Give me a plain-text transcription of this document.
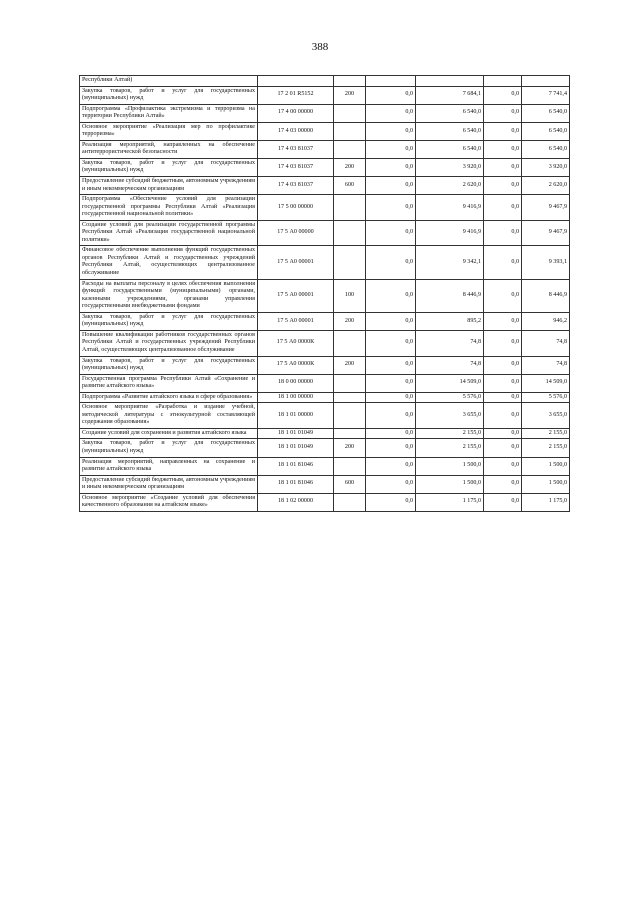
388
Республики Алтай)						
Закупка товаров, работ и услуг для государственных (муниципальных) нужд	17 2 01 R5152	200	0,0	7 684,1	0,0	7 741,4
Подпрограмма «Профилактика экстремизма и терроризма на территории Республики Алтай»	17 4 00 00000		0,0	6 540,0	0,0	6 540,0
Основное мероприятие «Реализация мер по профилактике терроризма»	17 4 03 00000		0,0	6 540,0	0,0	6 540,0
Реализация мероприятий, направленных на обеспечение антитеррористической безопасности	17 4 03 81037		0,0	6 540,0	0,0	6 540,0
Закупка товаров, работ и услуг для государственных (муниципальных) нужд	17 4 03 81037	200	0,0	3 920,0	0,0	3 920,0
Предоставление субсидий бюджетным, автономным учреждениям и иным некоммерческим организациям	17 4 03 81037	600	0,0	2 620,0	0,0	2 620,0
Подпрограмма «Обеспечение условий для реализации государственной программы Республики Алтай «Реализация государственной национальной политики»	17 5 00 00000		0,0	9 416,9	0,0	9 467,9
Создание условий для реализации государственной программы Республики Алтай «Реализация государственной национальной политики»	17 5 А0 00000		0,0	9 416,9	0,0	9 467,9
Финансовое обеспечение выполнения функций государственных органов Республики Алтай и государственных учреждений Республики Алтай, осуществляющих централизованное обслуживание	17 5 А0 00001		0,0	9 342,1	0,0	9 393,1
Расходы на выплаты персоналу в целях обеспечения выполнения функций государственными (муниципальными) органами, казенными учреждениями, органами управления государственными внебюджетными фондами	17 5 А0 00001	100	0,0	8 446,9	0,0	8 446,9
Закупка товаров, работ и услуг для государственных (муниципальных) нужд	17 5 А0 00001	200	0,0	895,2	0,0	946,2
Повышение квалификации работников государственных органов Республики Алтай и государственных учреждений Республики Алтай, осуществляющих централизованное обслуживание	17 5 А0 0000К		0,0	74,8	0,0	74,8
Закупка товаров, работ и услуг для государственных (муниципальных) нужд	17 5 А0 0000К	200	0,0	74,8	0,0	74,8
Государственная программа Республики Алтай «Сохранение и развитие алтайского языка»	18 0 00 00000		0,0	14 509,0	0,0	14 509,0
Подпрограмма «Развитие алтайского языка в сфере образования»	18 1 00 00000		0,0	5 576,0	0,0	5 576,0
Основное мероприятие «Разработка и издание учебной, методической литературы с этнокультурной составляющей содержания образования»	18 1 01 00000		0,0	3 655,0	0,0	3 655,0
Создание условий для сохранения и развития алтайского языка	18 1 01 01049		0,0	2 155,0	0,0	2 155,0
Закупка товаров, работ и услуг для государственных (муниципальных) нужд	18 1 01 01049	200	0,0	2 155,0	0,0	2 155,0
Реализация мероприятий, направленных на сохранение и развитие алтайского языка	18 1 01 81046		0,0	1 500,0	0,0	1 500,0
Предоставление субсидий бюджетным, автономным учреждениям и иным некоммерческим организациям	18 1 01 81046	600	0,0	1 500,0	0,0	1 500,0
Основное мероприятие «Создание условий для обеспечения качественного образования на алтайском языке»	18 1 02 00000		0,0	1 175,0	0,0	1 175,0
